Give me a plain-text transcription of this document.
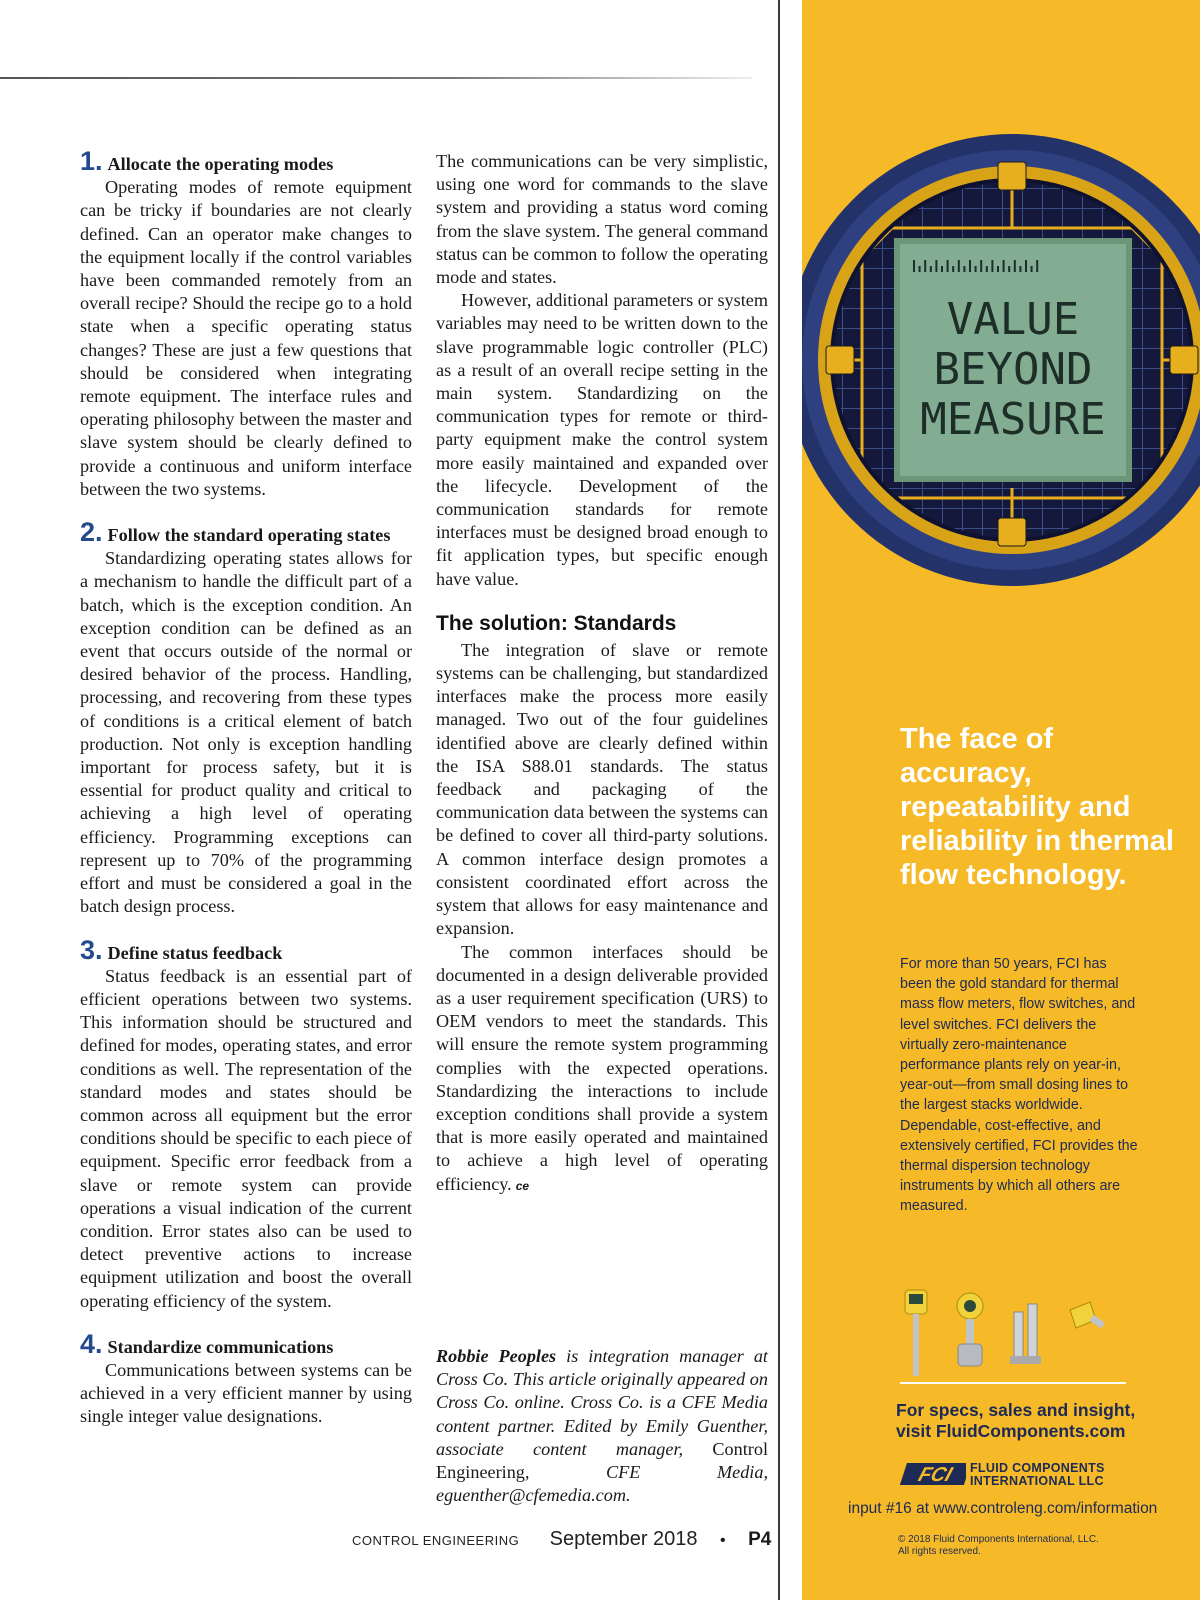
1. Allocate the operating modes

Operating modes of remote equipment can be tricky if boundaries are not clearly defined. Can an operator make changes to the equipment locally if the control variables have been commanded remotely from an overall recipe? Should the recipe go to a hold state when a specific operating status changes? These are just a few questions that should be considered when integrating remote equipment. The interface rules and operating philosophy between the master and slave system should be clearly defined to provide a continuous and uniform interface between the two systems.

2. Follow the standard operating states

Standardizing operating states allows for a mechanism to handle the difficult part of a batch, which is the exception condition. An exception condition can be defined as an event that occurs outside of the normal or desired behavior of the process. Handling, processing, and recovering from these types of conditions is a critical element of batch production. Not only is exception handling important for process safety, but it is essential for product quality and critical to achieving a high level of operating efficiency. Programming exceptions can represent up to 70% of the programming effort and must be considered a goal in the batch design process.

3. Define status feedback

Status feedback is an essential part of efficient operations between two systems. This information should be structured and defined for modes, operating states, and error conditions as well. The representation of the standard modes and states should be common across all equipment but the error conditions should be specific to each piece of equipment. Specific error feedback from a slave or remote system can provide operations a visual indication of the current condition. Error states also can be used to detect preventive actions to increase equipment utilization and boost the overall operating efficiency of the system.

4. Standardize communications

Communications between systems can be achieved in a very efficient manner by using single integer value designations.

The communications can be very simplistic, using one word for commands to the slave system and providing a status word coming from the slave system. The general command status can be common to follow the operating mode and states.

However, additional parameters or system variables may need to be written down to the slave programmable logic controller (PLC) as a result of an overall recipe setting in the main system. Standardizing on the communication types for remote or third-party equipment make the control system more easily maintained and expanded over the lifecycle. Development of the communication standards for remote interfaces must be designed broad enough to fit application types, but specific enough have value.

The solution: Standards

The integration of slave or remote systems can be challenging, but standardized interfaces make the process more easily managed. Two out of the four guidelines identified above are clearly defined within the ISA S88.01 standards. The status feedback and packaging of the communication data between the systems can be defined to cover all third-party solutions. A common interface design promotes a consistent coordinated effort across the system that allows for easy maintenance and expansion.

The common interfaces should be documented in a design deliverable provided as a user requirement specification (URS) to OEM vendors to meet the standards. This will ensure the remote system programming complies with the expected operations. Standardizing the interactions to include exception conditions shall provide a system that is more easily operated and maintained to achieve a high level of operating efficiency. ce

Robbie Peoples is integration manager at Cross Co. This article originally appeared on Cross Co. online. Cross Co. is a CFE Media content partner. Edited by Emily Guenther, associate content manager, Control Engineering, CFE Media, eguenther@cfemedia.com.
CONTROL ENGINEERING September 2018 • P4
VALUE
BEYOND
MEASURE
The face of accuracy, repeatability and reliability in thermal flow technology.
For more than 50 years, FCI has been the gold standard for thermal mass flow meters, flow switches, and level switches. FCI delivers the virtually zero-maintenance performance plants rely on year-in, year-out—from small dosing lines to the largest stacks worldwide. Dependable, cost-effective, and extensively certified, FCI provides the thermal dispersion technology instruments by which all others are measured.
For specs, sales and insight,
visit FluidComponents.com
FCI FLUID COMPONENTS
INTERNATIONAL LLC
input #16 at www.controleng.com/information
© 2018 Fluid Components International, LLC.
All rights reserved.
